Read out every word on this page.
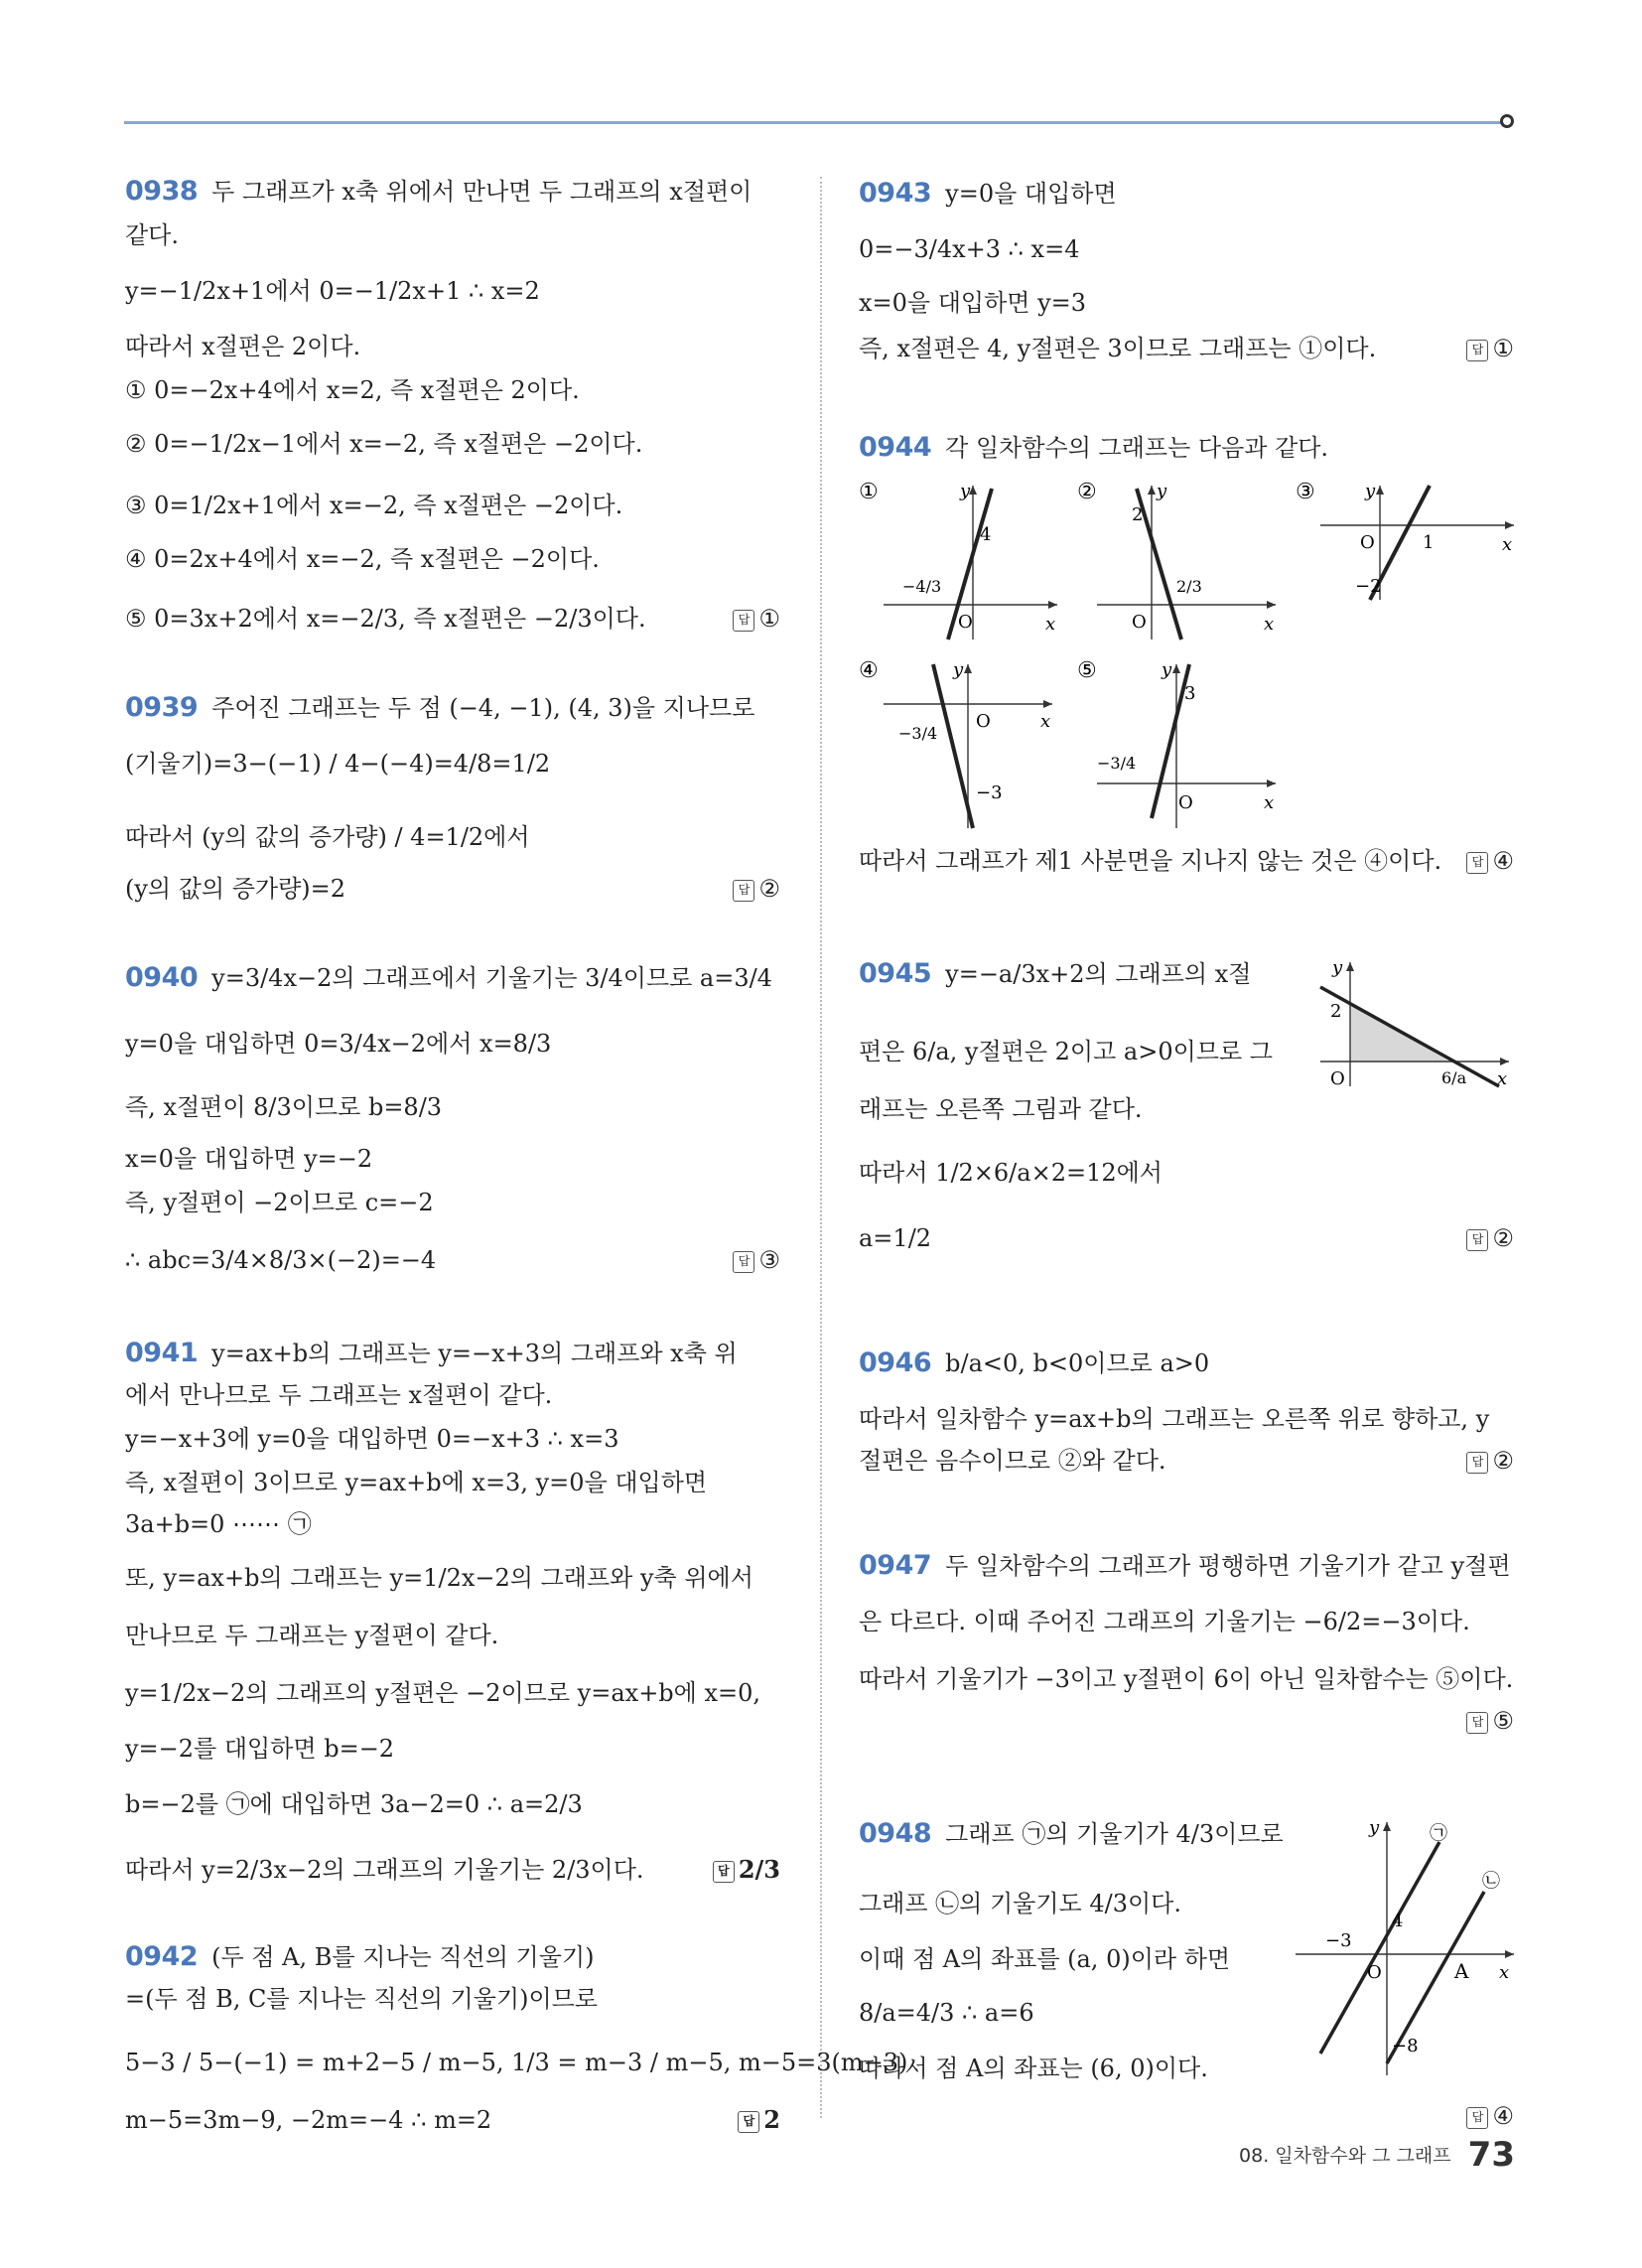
0938 두 그래프가 x축 위에서 만나면 두 그래프의 x절편이
같다.
y=−1/2x+1에서 0=−1/2x+1 ∴ x=2
따라서 x절편은 2이다.
① 0=−2x+4에서 x=2, 즉 x절편은 2이다.
② 0=−1/2x−1에서 x=−2, 즉 x절편은 −2이다.
③ 0=1/2x+1에서 x=−2, 즉 x절편은 −2이다.
④ 0=2x+4에서 x=−2, 즉 x절편은 −2이다.
⑤ 0=3x+2에서 x=−2/3, 즉 x절편은 −2/3이다.	답 ①
0939 주어진 그래프는 두 점 (−4, −1), (4, 3)을 지나므로
(기울기)=3−(−1) / 4−(−4)=4/8=1/2
따라서 (y의 값의 증가량) / 4=1/2에서
(y의 값의 증가량)=2	답 ②
0940 y=3/4x−2의 그래프에서 기울기는 3/4이므로 a=3/4
y=0을 대입하면 0=3/4x−2에서 x=8/3
즉, x절편이 8/3이므로 b=8/3
x=0을 대입하면 y=−2
즉, y절편이 −2이므로 c=−2
∴ abc=3/4×8/3×(−2)=−4	답 ③
0941 y=ax+b의 그래프는 y=−x+3의 그래프와 x축 위
에서 만나므로 두 그래프는 x절편이 같다.
y=−x+3에 y=0을 대입하면 0=−x+3 ∴ x=3
즉, x절편이 3이므로 y=ax+b에 x=3, y=0을 대입하면
3a+b=0 ⋯⋯ ㉠
또, y=ax+b의 그래프는 y=1/2x−2의 그래프와 y축 위에서
만나므로 두 그래프는 y절편이 같다.
y=1/2x−2의 그래프의 y절편은 −2이므로 y=ax+b에 x=0,
y=−2를 대입하면 b=−2
b=−2를 ㉠에 대입하면 3a−2=0 ∴ a=2/3
따라서 y=2/3x−2의 그래프의 기울기는 2/3이다.	답 2/3
0942 (두 점 A, B를 지나는 직선의 기울기)
=(두 점 B, C를 지나는 직선의 기울기)이므로
5−3 / 5−(−1) = m+2−5 / m−5, 1/3 = m−3 / m−5, m−5=3(m−3)
m−5=3m−9, −2m=−4 ∴ m=2	답 2
0943 y=0을 대입하면
0=−3/4x+3 ∴ x=4
x=0을 대입하면 y=3
즉, x절편은 4, y절편은 3이므로 그래프는 ①이다.	답 ①
0944 각 일차함수의 그래프는 다음과 같다.
①	y
x
O
4
−4/3
②	y
x
O
2
2/3
③	y
x
O	1
−2
④	y
x
O
−3/4
−3
⑤	y
x
O
3
−3/4
따라서 그래프가 제1 사분면을 지나지 않는 것은 ④이다.	답 ④
0945 y=−a/3x+2의 그래프의 x절
편은 6/a, y절편은 2이고 a>0이므로 그
래프는 오른쪽 그림과 같다.
따라서 1/2×6/a×2=12에서
a=1/2	답 ②
y
x
O
2
6/a
0946 b/a<0, b<0이므로 a>0
따라서 일차함수 y=ax+b의 그래프는 오른쪽 위로 향하고, y
절편은 음수이므로 ②와 같다.	답 ②
0947 두 일차함수의 그래프가 평행하면 기울기가 같고 y절편
은 다르다. 이때 주어진 그래프의 기울기는 −6/2=−3이다.
따라서 기울기가 −3이고 y절편이 6이 아닌 일차함수는 ⑤이다.
답 ⑤
0948 그래프 ㉠의 기울기가 4/3이므로
그래프 ㉡의 기울기도 4/3이다.
이때 점 A의 좌표를 (a, 0)이라 하면
8/a=4/3 ∴ a=6
따라서 점 A의 좌표는 (6, 0)이다.
답 ④
y
x
O
−3
4
−8
A
㉠
㉡
08. 일차함수와 그 그래프 73
